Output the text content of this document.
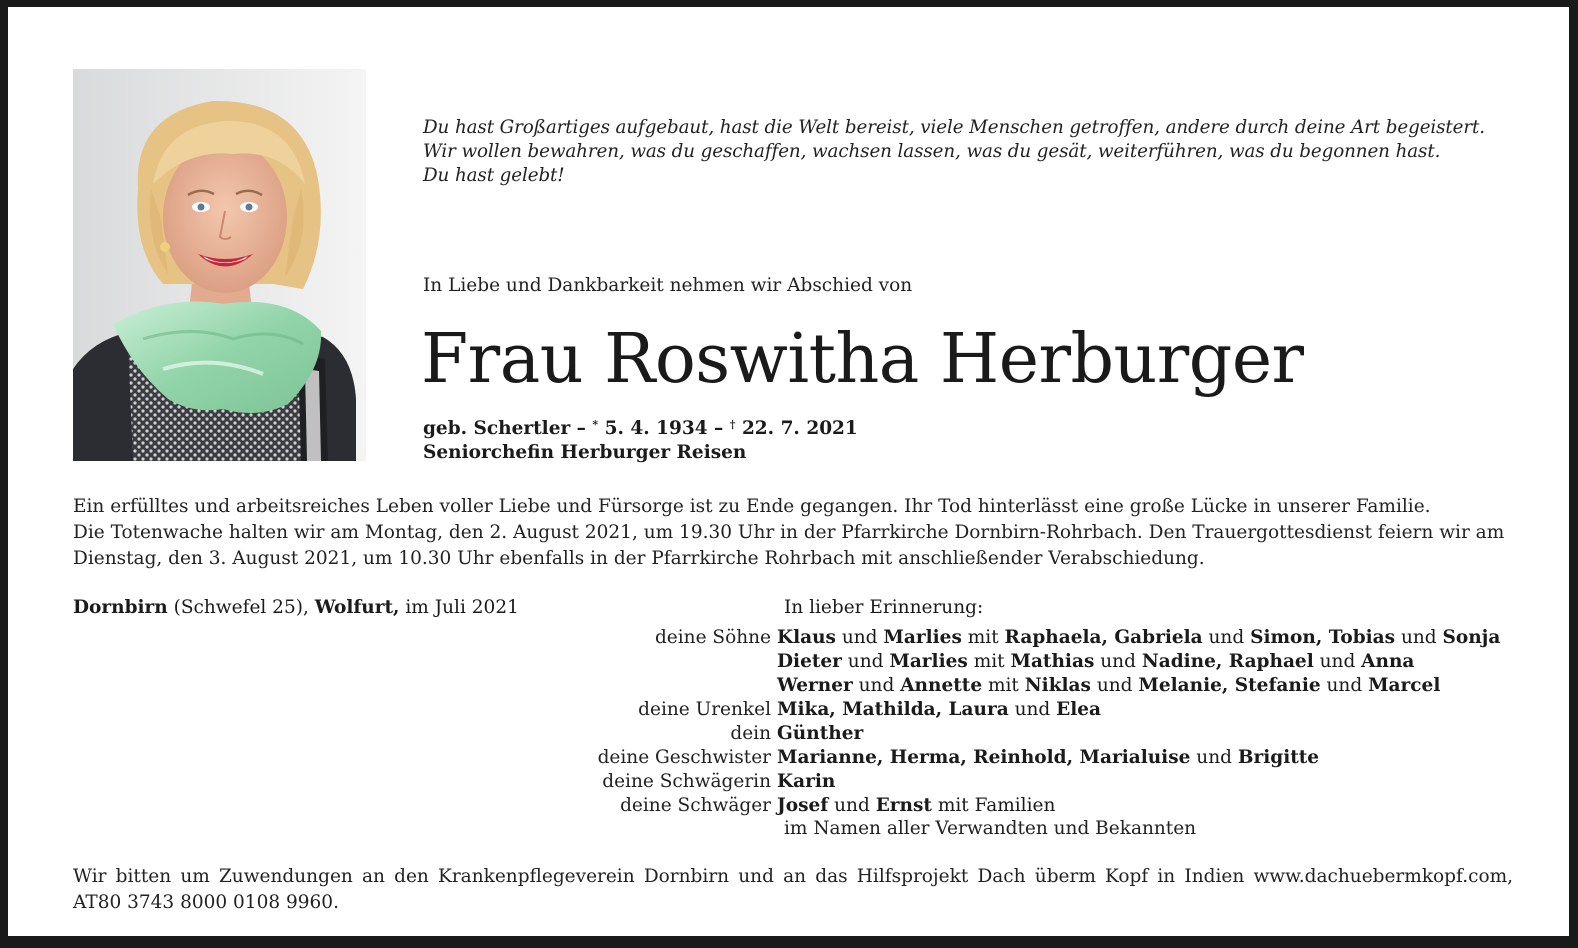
Du hast Großartiges aufgebaut, hast die Welt bereist, viele Menschen getroffen, andere durch deine Art begeistert.
Wir wollen bewahren, was du geschaffen, wachsen lassen, was du gesät, weiterführen, was du begonnen hast.
Du hast gelebt!
In Liebe und Dankbarkeit nehmen wir Abschied von
Frau Roswitha Herburger
geb. Schertler – * 5. 4. 1934 – † 22. 7. 2021
Seniorchefin Herburger Reisen

Ein erfülltes und arbeitsreiches Leben voller Liebe und Fürsorge ist zu Ende gegangen. Ihr Tod hinterlässt eine große Lücke in unserer Familie.

Die Totenwache halten wir am Montag, den 2. August 2021, um 19.30 Uhr in der Pfarrkirche Dornbirn-Rohrbach. Den Trauergottesdienst feiern wir am

Dienstag, den 3. August 2021, um 10.30 Uhr ebenfalls in der Pfarrkirche Rohrbach mit anschließender Verabschiedung.

Dornbirn (Schwefel 25), Wolfurt, im Juli 2021	In lieber Erinnerung:
deine Söhne Klaus und Marlies mit Raphaela, Gabriela und Simon, Tobias und Sonja
Dieter und Marlies mit Mathias und Nadine, Raphael und Anna
Werner und Annette mit Niklas und Melanie, Stefanie und Marcel
deine Urenkel Mika, Mathilda, Laura und Elea
dein Günther
deine Geschwister Marianne, Herma, Reinhold, Marialuise und Brigitte
deine Schwägerin Karin
deine Schwäger Josef und Ernst mit Familien
im Namen aller Verwandten und Bekannten
Wir bitten um Zuwendungen an den Krankenpflegeverein Dornbirn und an das Hilfsprojekt Dach überm Kopf in Indien www.dachuebermkopf.com,
AT80 3743 8000 0108 9960.
